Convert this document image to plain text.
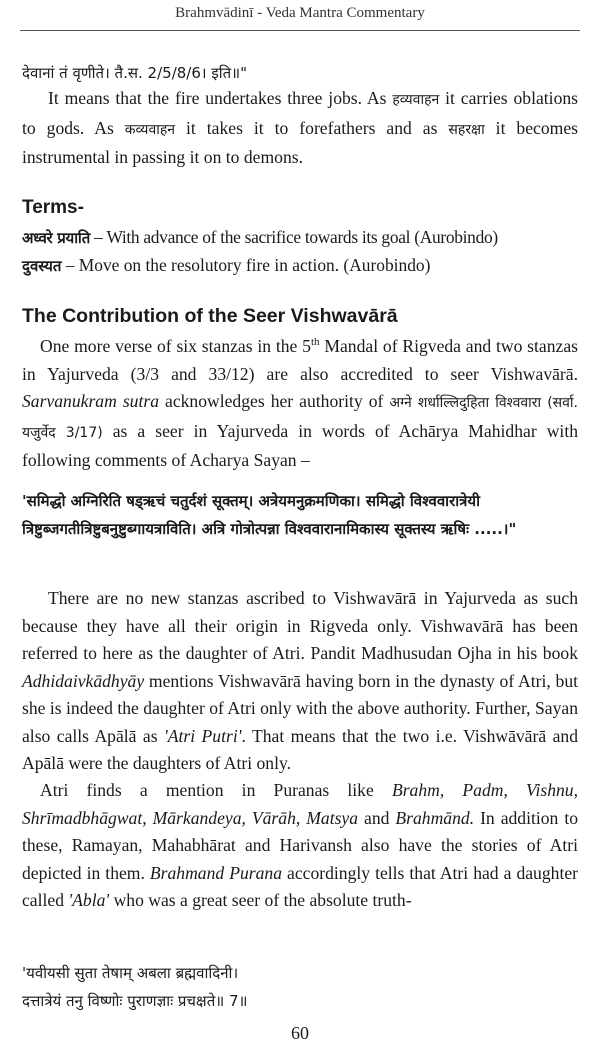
Brahmvādinī - Veda Mantra Commentary

देवानां तं वृणीते। तै.स. 2/5/8/6। इति॥"

It means that the fire undertakes three jobs. As हव्यवाहन it carries oblations to gods. As कव्यवाहन it takes it to forefathers and as सहरक्षा it becomes instrumental in passing it on to demons.

Terms-
अध्वरे प्रयाति – With advance of the sacrifice towards its goal (Aurobindo)
दुवस्यत – Move on the resolutory fire in action. (Aurobindo)
The Contribution of the Seer Vishwavārā

One more verse of six stanzas in the 5th Mandal of Rigveda and two stanzas in Yajurveda (3/3 and 33/12) are also accredited to seer Vishwavārā. Sarvanukram sutra acknowledges her authority of अग्ने शर्धाल्लिदुहिता विश्ववारा (सर्वा. यजुर्वेद 3/17) as a seer in Yajurveda in words of Achārya Mahidhar with following comments of Acharya Sayan –

'समिद्धो अग्निरिति षड्ऋचं चतुर्दशं सूक्तम्। अत्रेयमनुक्रमणिका। समिद्धो विश्ववारात्रेयी त्रिष्टुब्जगतीत्रिष्टुबनुष्टुब्गायत्राविति। अत्रि गोत्रोत्पन्ना विश्ववारानामिकास्य सूक्तस्य ऋषिः .....।"

There are no new stanzas ascribed to Vishwavārā in Yajurveda as such because they have all their origin in Rigveda only. Vishwavārā has been referred to here as the daughter of Atri. Pandit Madhusudan Ojha in his book Adhidaivkādhyāy mentions Vishwavārā having born in the dynasty of Atri, but she is indeed the daughter of Atri only with the above authority. Further, Sayan also calls Apālā as 'Atri Putri'. That means that the two i.e. Vishwāvārā and Apālā were the daughters of Atri only.

Atri finds a mention in Puranas like Brahm, Padm, Vishnu, Shrīmadbhāgwat, Mārkandeya, Vārāh, Matsya and Brahmānd. In addition to these, Ramayan, Mahabhārat and Harivansh also have the stories of Atri depicted in them. Brahmand Purana accordingly tells that Atri had a daughter called 'Abla' who was a great seer of the absolute truth-

'यवीयसी सुता तेषाम् अबला ब्रह्मवादिनी।

दत्तात्रेयं तनु विष्णोः पुराणज्ञाः प्रचक्षते॥ 7॥

60
